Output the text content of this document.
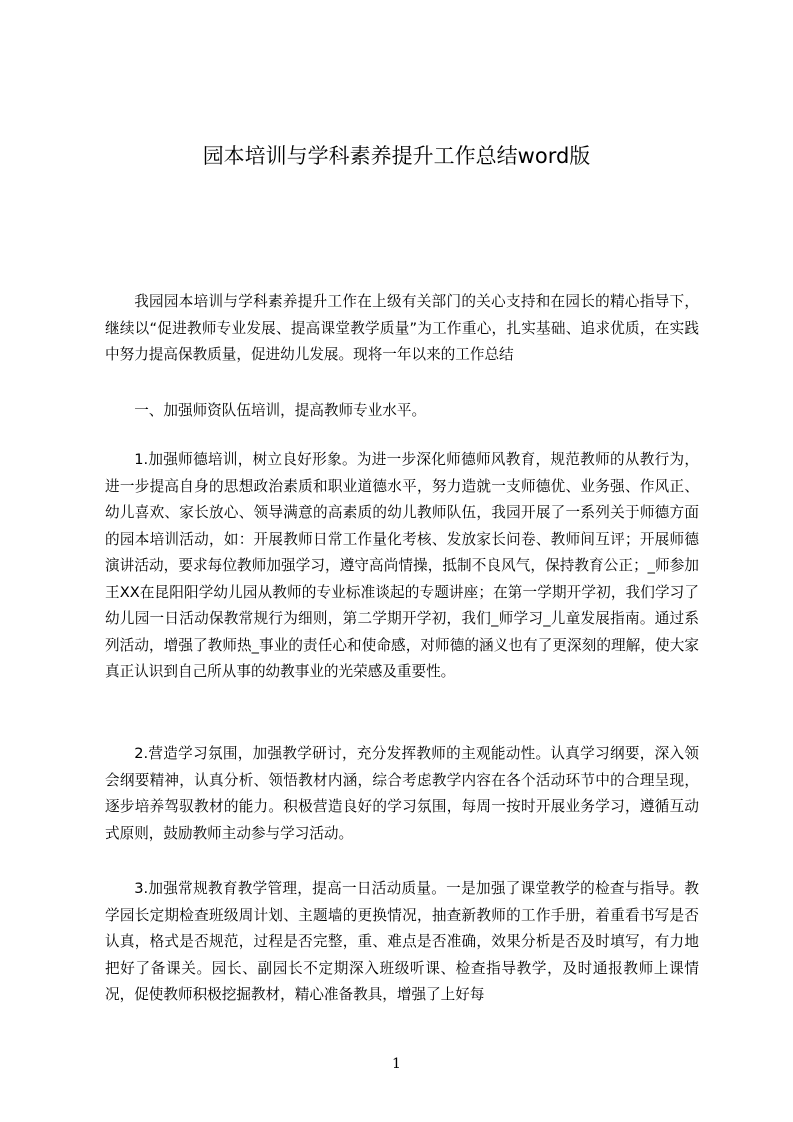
园本培训与学科素养提升工作总结word版

我园园本培训与学科素养提升工作在上级有关部门的关心支持和在园长的精心指导下，继续以“促进教师专业发展、提高课堂教学质量”为工作重心，扎实基础、追求优质，在实践中努力提高保教质量，促进幼儿发展。现将一年以来的工作总结

一、加强师资队伍培训，提高教师专业水平。

1.加强师德培训，树立良好形象。为进一步深化师德师风教育，规范教师的从教行为，进一步提高自身的思想政治素质和职业道德水平，努力造就一支师德优、业务强、作风正、幼儿喜欢、家长放心、领导满意的高素质的幼儿教师队伍，我园开展了一系列关于师德方面的园本培训活动，如：开展教师日常工作量化考核、发放家长问卷、教师间互评；开展师德演讲活动，要求每位教师加强学习，遵守高尚情操，抵制不良风气，保持教育公正；_师参加王XX在昆阳阳学幼儿园从教师的专业标准谈起的专题讲座；在第一学期开学初，我们学习了幼儿园一日活动保教常规行为细则，第二学期开学初，我们_师学习_儿童发展指南。通过系列活动，增强了教师热_事业的责任心和使命感，对师德的涵义也有了更深刻的理解，使大家真正认识到自己所从事的幼教事业的光荣感及重要性。

2.营造学习氛围，加强教学研讨，充分发挥教师的主观能动性。认真学习纲要，深入领会纲要精神，认真分析、领悟教材内涵，综合考虑教学内容在各个活动环节中的合理呈现，逐步培养驾驭教材的能力。积极营造良好的学习氛围，每周一按时开展业务学习，遵循互动式原则，鼓励教师主动参与学习活动。

3.加强常规教育教学管理，提高一日活动质量。一是加强了课堂教学的检查与指导。教学园长定期检查班级周计划、主题墙的更换情况，抽查新教师的工作手册，着重看书写是否认真，格式是否规范，过程是否完整，重、难点是否准确，效果分析是否及时填写，有力地把好了备课关。园长、副园长不定期深入班级听课、检查指导教学，及时通报教师上课情况，促使教师积极挖掘教材，精心准备教具，增强了上好每

1
